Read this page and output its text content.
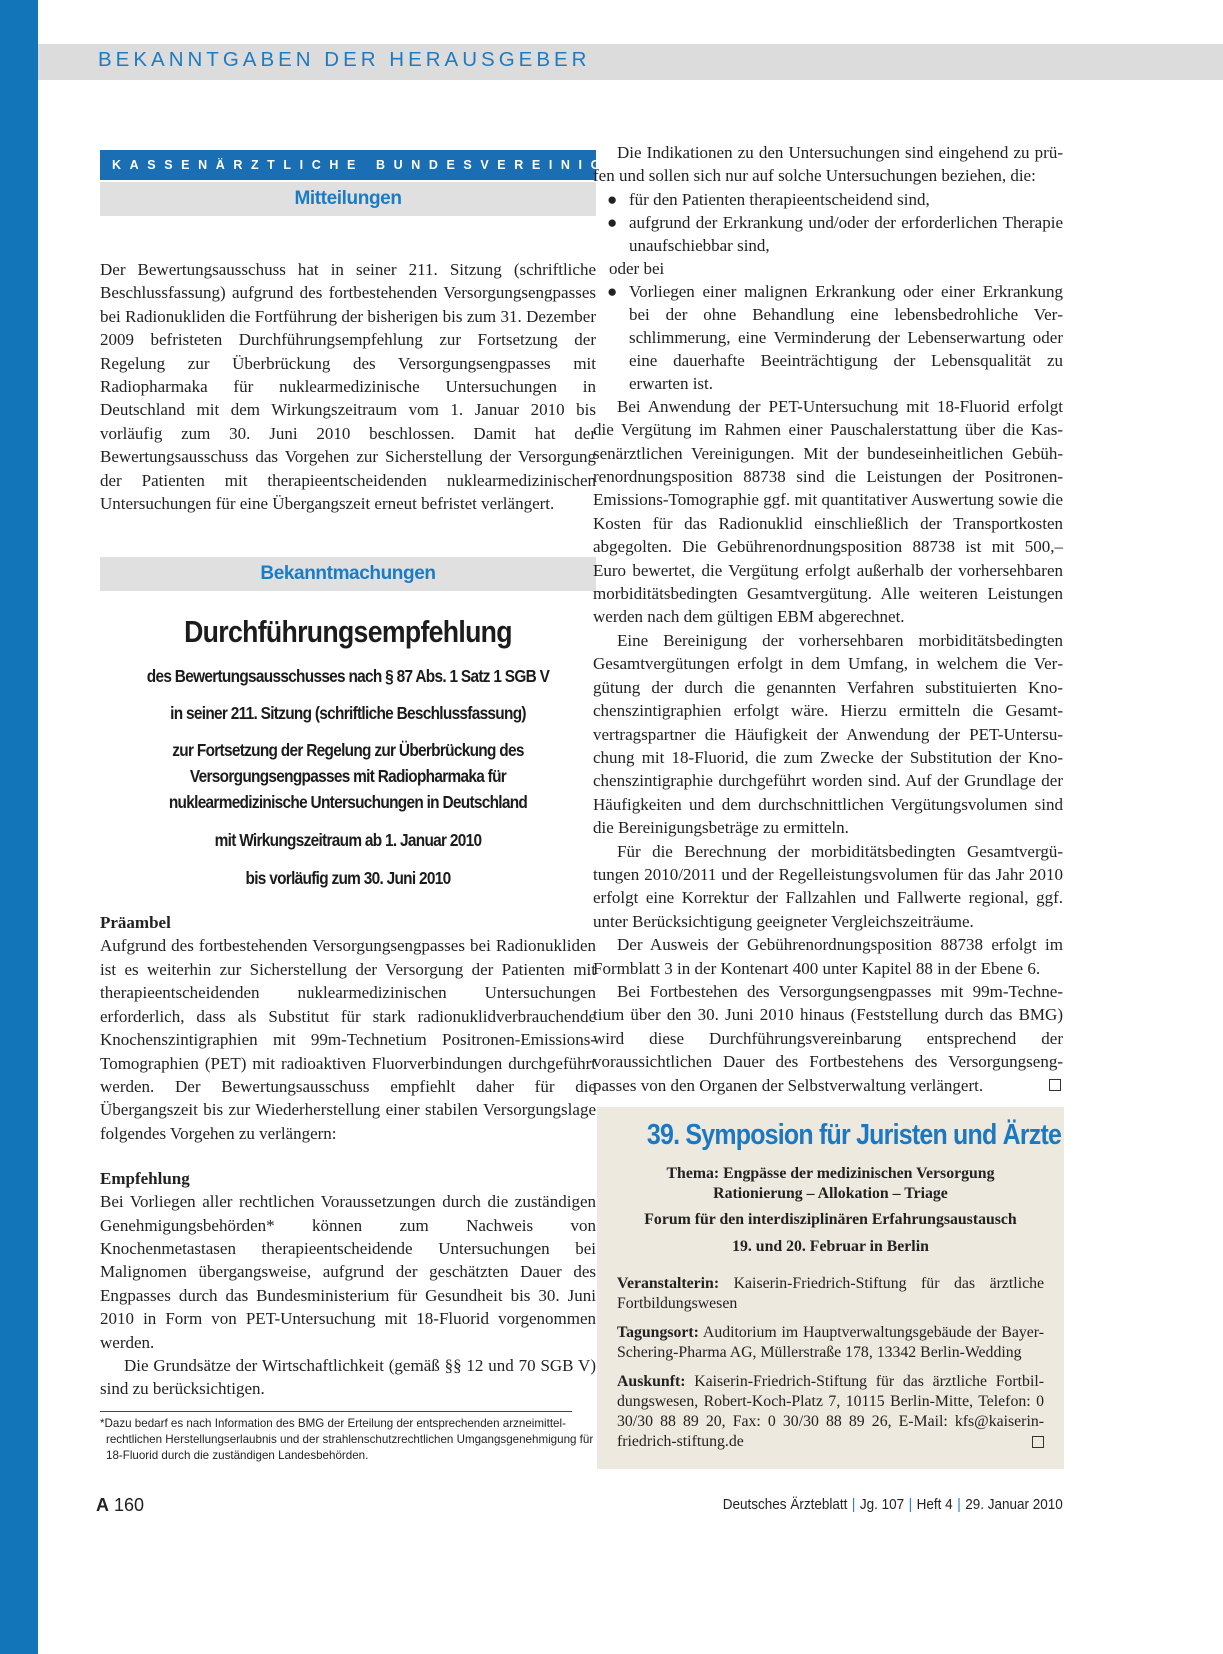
BEKANNTGABEN DER HERAUSGEBER
KASSENÄRZTLICHE BUNDESVEREINIGUNG
Mitteilungen

Der Bewertungsausschuss hat in seiner 211. Sitzung (schriftliche Beschlussfassung) aufgrund des fortbestehenden Versorgungsengpasses bei Radionukliden die Fortführung der bisherigen bis zum 31. Dezember 2009 befristeten Durchführungsempfehlung zur Fortsetzung der Regelung zur Überbrückung des Versorgungsengpasses mit Radiopharmaka für nuklearmedizinische Untersuchungen in Deutschland mit dem Wirkungszeitraum vom 1. Januar 2010 bis vorläufig zum 30. Juni 2010 beschlossen. Damit hat der Bewertungsausschuss das Vorgehen zur Sicherstellung der Versorgung der Patienten mit therapieentscheidenden nuklearmedizinischen Untersuchungen für eine Übergangszeit erneut befristet verlängert.

Bekanntmachungen
Durchführungsempfehlung
des Bewertungsausschusses nach § 87 Abs. 1 Satz 1 SGB V
in seiner 211. Sitzung (schriftliche Beschlussfassung)
zur Fortsetzung der Regelung zur Überbrückung des Versorgungsengpasses mit Radiopharmaka für nuklearmedizinische Untersuchungen in Deutschland
mit Wirkungszeitraum ab 1. Januar 2010
bis vorläufig zum 30. Juni 2010
Präambel

Aufgrund des fortbestehenden Versorgungsengpasses bei Radionukliden ist es weiterhin zur Sicherstellung der Versorgung der Patienten mit therapieentscheidenden nuklearmedizinischen Untersuchungen erforderlich, dass als Substitut für stark radionuklidverbrauchende Knochenszintigraphien mit 99m-Technetium Positronen-Emissions-Tomographien (PET) mit radioaktiven Fluorverbindungen durchgeführt werden. Der Bewertungsausschuss empfiehlt daher für die Übergangszeit bis zur Wiederherstellung einer stabilen Versorgungslage folgendes Vorgehen zu verlängern:

Empfehlung

Bei Vorliegen aller rechtlichen Voraussetzungen durch die zuständigen Genehmigungsbehörden* können zum Nachweis von Knochenmetastasen therapieentscheidende Untersuchungen bei Malignomen übergangsweise, aufgrund der geschätzten Dauer des Engpasses durch das Bundesministerium für Gesundheit bis 30. Juni 2010 in Form von PET-Untersuchung mit 18-Fluorid vorgenommen werden.

Die Grundsätze der Wirtschaftlichkeit (gemäß §§ 12 und 70 SGB V) sind zu berücksichtigen.

*Dazu bedarf es nach Information des BMG der Erteilung der entsprechenden arzneimittelrechtlichen Herstellungserlaubnis und der strahlenschutzrechtlichen Umgangsgenehmigung für 18-Fluorid durch die zuständigen Landesbehörden.

Die Indikationen zu den Untersuchungen sind eingehend zu prüfen und sollen sich nur auf solche Untersuchungen beziehen, die:

● für den Patienten therapieentscheidend sind,
● aufgrund der Erkrankung und/oder der erforderlichen Therapie unaufschiebbar sind,
oder bei
● Vorliegen einer malignen Erkrankung oder einer Erkrankung bei der ohne Behandlung eine lebensbedrohliche Verschlimmerung, eine Verminderung der Lebenserwartung oder eine dauerhafte Beeinträchtigung der Lebensqualität zu erwarten ist.

Bei Anwendung der PET-Untersuchung mit 18-Fluorid erfolgt die Vergütung im Rahmen einer Pauschalerstattung über die Kassenärztlichen Vereinigungen. Mit der bundeseinheitlichen Gebührenordnungsposition 88738 sind die Leistungen der Positronen-Emissions-Tomographie ggf. mit quantitativer Auswertung sowie die Kosten für das Radionuklid einschließlich der Transportkosten abgegolten. Die Gebührenordnungsposition 88738 ist mit 500,– Euro bewertet, die Vergütung erfolgt außerhalb der vorhersehbaren morbiditätsbedingten Gesamtvergütung. Alle weiteren Leistungen werden nach dem gültigen EBM abgerechnet.

Eine Bereinigung der vorhersehbaren morbiditätsbedingten Gesamtvergütungen erfolgt in dem Umfang, in welchem die Vergütung der durch die genannten Verfahren substituierten Knochenszintigraphien erfolgt wäre. Hierzu ermitteln die Gesamtvertragspartner die Häufigkeit der Anwendung der PET-Untersuchung mit 18-Fluorid, die zum Zwecke der Substitution der Knochenszintigraphie durchgeführt worden sind. Auf der Grundlage der Häufigkeiten und dem durchschnittlichen Vergütungsvolumen sind die Bereinigungsbeträge zu ermitteln.

Für die Berechnung der morbiditätsbedingten Gesamtvergütungen 2010/2011 und der Regelleistungsvolumen für das Jahr 2010 erfolgt eine Korrektur der Fallzahlen und Fallwerte regional, ggf. unter Berücksichtigung geeigneter Vergleichszeiträume.

Der Ausweis der Gebührenordnungsposition 88738 erfolgt im Formblatt 3 in der Kontenart 400 unter Kapitel 88 in der Ebene 6.

Bei Fortbestehen des Versorgungsengpasses mit 99m-Technetium über den 30. Juni 2010 hinaus (Feststellung durch das BMG) wird diese Durchführungsvereinbarung entsprechend der voraussichtlichen Dauer des Fortbestehens des Versorgungsengpasses von den Organen der Selbstverwaltung verlängert.

39. Symposion für Juristen und Ärzte
Thema: Engpässe der medizinischen Versorgung
Rationierung – Allokation – Triage
Forum für den interdisziplinären Erfahrungsaustausch
19. und 20. Februar in Berlin

Veranstalterin: Kaiserin-Friedrich-Stiftung für das ärztliche Fortbildungswesen

Tagungsort: Auditorium im Hauptverwaltungsgebäude der Bayer-Schering-Pharma AG, Müllerstraße 178, 13342 Berlin-Wedding

Auskunft: Kaiserin-Friedrich-Stiftung für das ärztliche Fortbildungswesen, Robert-Koch-Platz 7, 10115 Berlin-Mitte, Telefon: 0 30/30 88 89 20, Fax: 0 30/30 88 89 26, E-Mail: kfs@kaiserin-friedrich-stiftung.de

A 160	Deutsches Ärzteblatt | Jg. 107 | Heft 4 | 29. Januar 2010
